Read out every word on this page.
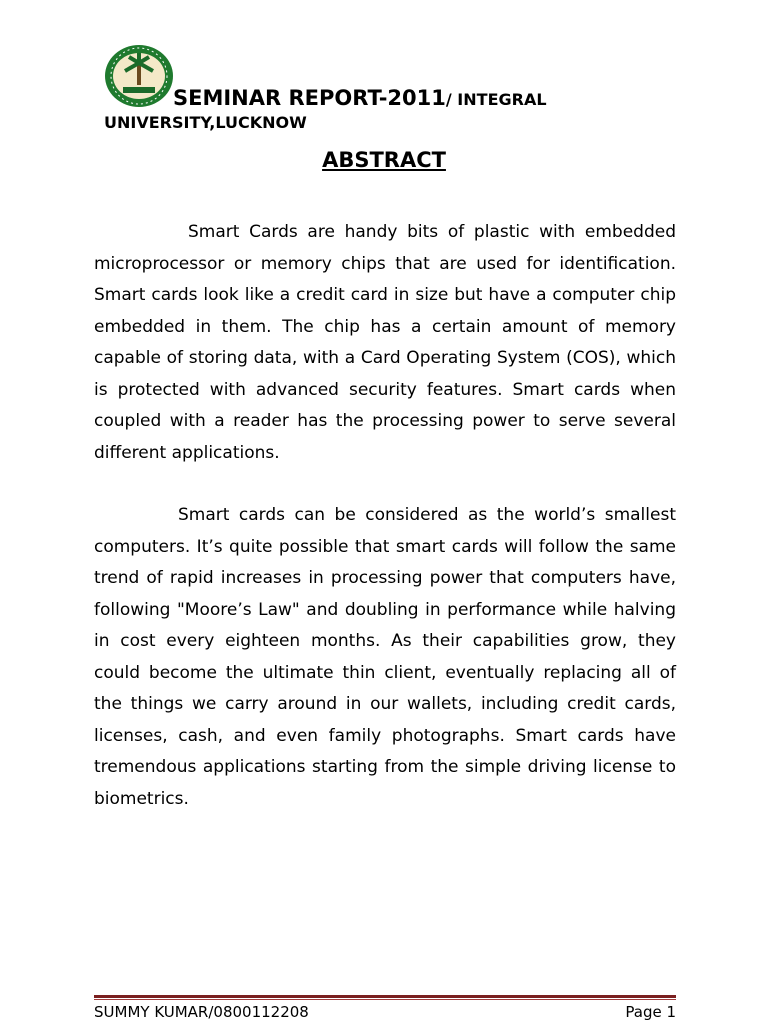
SEMINAR REPORT-2011/ INTEGRAL
UNIVERSITY,LUCKNOW
ABSTRACT
Smart Cards are handy bits of plastic with embedded microprocessor or memory chips that are used for identification. Smart cards look like a credit card in size but have a computer chip embedded in them. The chip has a certain amount of memory capable of storing data, with a Card Operating System (COS), which is protected with advanced security features. Smart cards when coupled with a reader has the processing power to serve several different applications.
Smart cards can be considered as the world’s smallest computers. It’s quite possible that smart cards will follow the same trend of rapid increases in processing power that computers have, following "Moore’s Law" and doubling in performance while halving in cost every eighteen months. As their capabilities grow, they could become the ultimate thin client, eventually replacing all of the things we carry around in our wallets, including credit cards, licenses, cash, and even family photographs. Smart cards have tremendous applications starting from the simple driving license to biometrics.
SUMMY KUMAR/0800112208	Page 1
